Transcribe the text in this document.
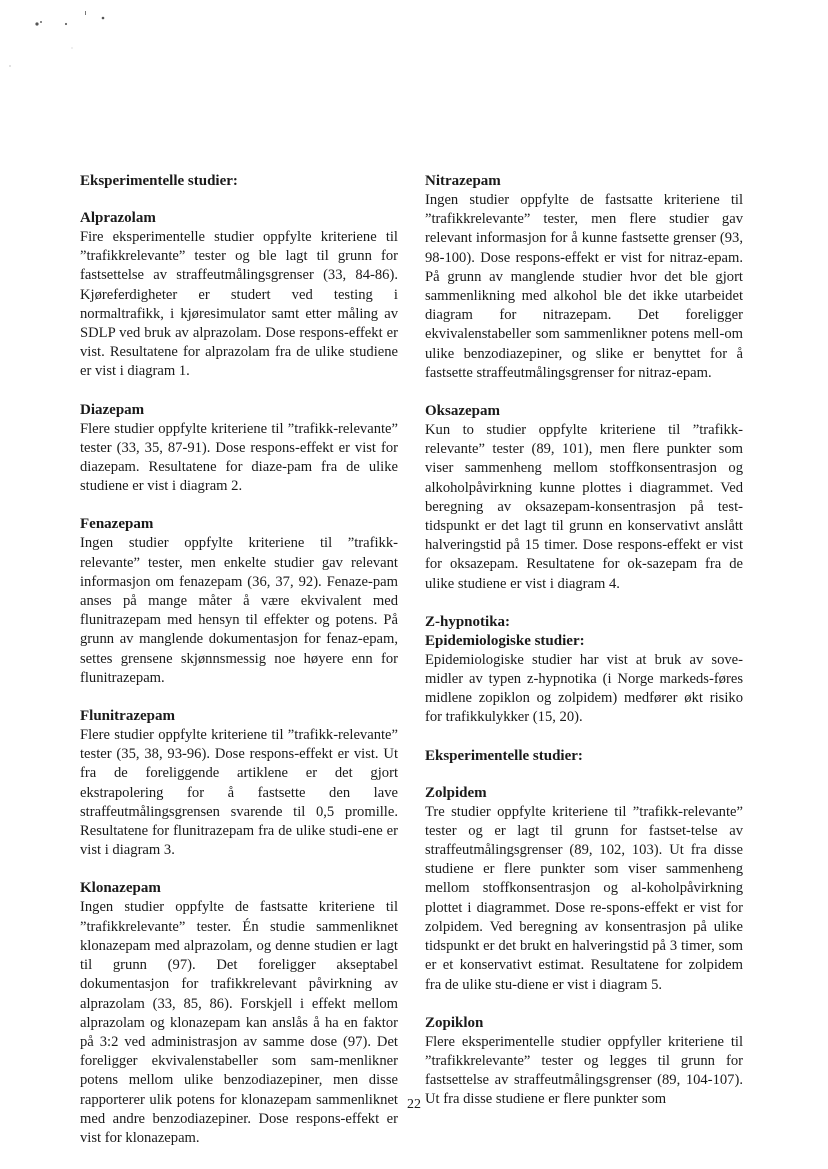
Eksperimentelle studier:

Alprazolam

Fire eksperimentelle studier oppfylte kriteriene til ”trafikkrelevante” tester og ble lagt til grunn for fastsettelse av straffeutmålingsgrenser (33, 84-86). Kjøreferdigheter er studert ved testing i normaltrafikk, i kjøresimulator samt etter måling av SDLP ved bruk av alprazolam. Dose respons-effekt er vist. Resultatene for alprazolam fra de ulike studiene er vist i diagram 1.

Diazepam

Flere studier oppfylte kriteriene til ”trafikk-relevante” tester (33, 35, 87-91). Dose respons-effekt er vist for diazepam. Resultatene for diaze-pam fra de ulike studiene er vist i diagram 2.

Fenazepam

Ingen studier oppfylte kriteriene til ”trafikk-relevante” tester, men enkelte studier gav relevant informasjon om fenazepam (36, 37, 92). Fenaze-pam anses på mange måter å være ekvivalent med flunitrazepam med hensyn til effekter og potens. På grunn av manglende dokumentasjon for fenaz-epam, settes grensene skjønnsmessig noe høyere enn for flunitrazepam.

Flunitrazepam

Flere studier oppfylte kriteriene til ”trafikk-relevante” tester (35, 38, 93-96). Dose respons-effekt er vist. Ut fra de foreliggende artiklene er det gjort ekstrapolering for å fastsette den lave straffeutmålingsgrensen svarende til 0,5 promille. Resultatene for flunitrazepam fra de ulike studi-ene er vist i diagram 3.

Klonazepam

Ingen studier oppfylte de fastsatte kriteriene til ”trafikkrelevante” tester. Én studie sammenliknet klonazepam med alprazolam, og denne studien er lagt til grunn (97). Det foreligger akseptabel dokumentasjon for trafikkrelevant påvirkning av alprazolam (33, 85, 86). Forskjell i effekt mellom alprazolam og klonazepam kan anslås å ha en faktor på 3:2 ved administrasjon av samme dose (97). Det foreligger ekvivalenstabeller som sam-menlikner potens mellom ulike benzodiazepiner, men disse rapporterer ulik potens for klonazepam sammenliknet med andre benzodiazepiner. Dose respons-effekt er vist for klonazepam.

Nitrazepam

Ingen studier oppfylte de fastsatte kriteriene til ”trafikkrelevante” tester, men flere studier gav relevant informasjon for å kunne fastsette grenser (93, 98-100). Dose respons-effekt er vist for nitraz-epam. På grunn av manglende studier hvor det ble gjort sammenlikning med alkohol ble det ikke utarbeidet diagram for nitrazepam. Det foreligger ekvivalenstabeller som sammenlikner potens mell-om ulike benzodiazepiner, og slike er benyttet for å fastsette straffeutmålingsgrenser for nitraz-epam.

Oksazepam

Kun to studier oppfylte kriteriene til ”trafikk-relevante” tester (89, 101), men flere punkter som viser sammenheng mellom stoffkonsentrasjon og alkoholpåvirkning kunne plottes i diagrammet. Ved beregning av oksazepam-konsentrasjon på test-tidspunkt er det lagt til grunn en konservativt anslått halveringstid på 15 timer. Dose respons-effekt er vist for oksazepam. Resultatene for ok-sazepam fra de ulike studiene er vist i diagram 4.

Z-hypnotika:

Epidemiologiske studier:

Epidemiologiske studier har vist at bruk av sove-midler av typen z-hypnotika (i Norge markeds-føres midlene zopiklon og zolpidem) medfører økt risiko for trafikkulykker (15, 20).

Eksperimentelle studier:

Zolpidem

Tre studier oppfylte kriteriene til ”trafikk-relevante” tester og er lagt til grunn for fastset-telse av straffeutmålingsgrenser (89, 102, 103). Ut fra disse studiene er flere punkter som viser sammenheng mellom stoffkonsentrasjon og al-koholpåvirkning plottet i diagrammet. Dose re-spons-effekt er vist for zolpidem. Ved beregning av konsentrasjon på ulike tidspunkt er det brukt en halveringstid på 3 timer, som er et konservativt estimat. Resultatene for zolpidem fra de ulike stu-diene er vist i diagram 5.

Zopiklon

Flere eksperimentelle studier oppfyller kriteriene til ”trafikkrelevante” tester og legges til grunn for fastsettelse av straffeutmålingsgrenser (89, 104-107). Ut fra disse studiene er flere punkter som

22
